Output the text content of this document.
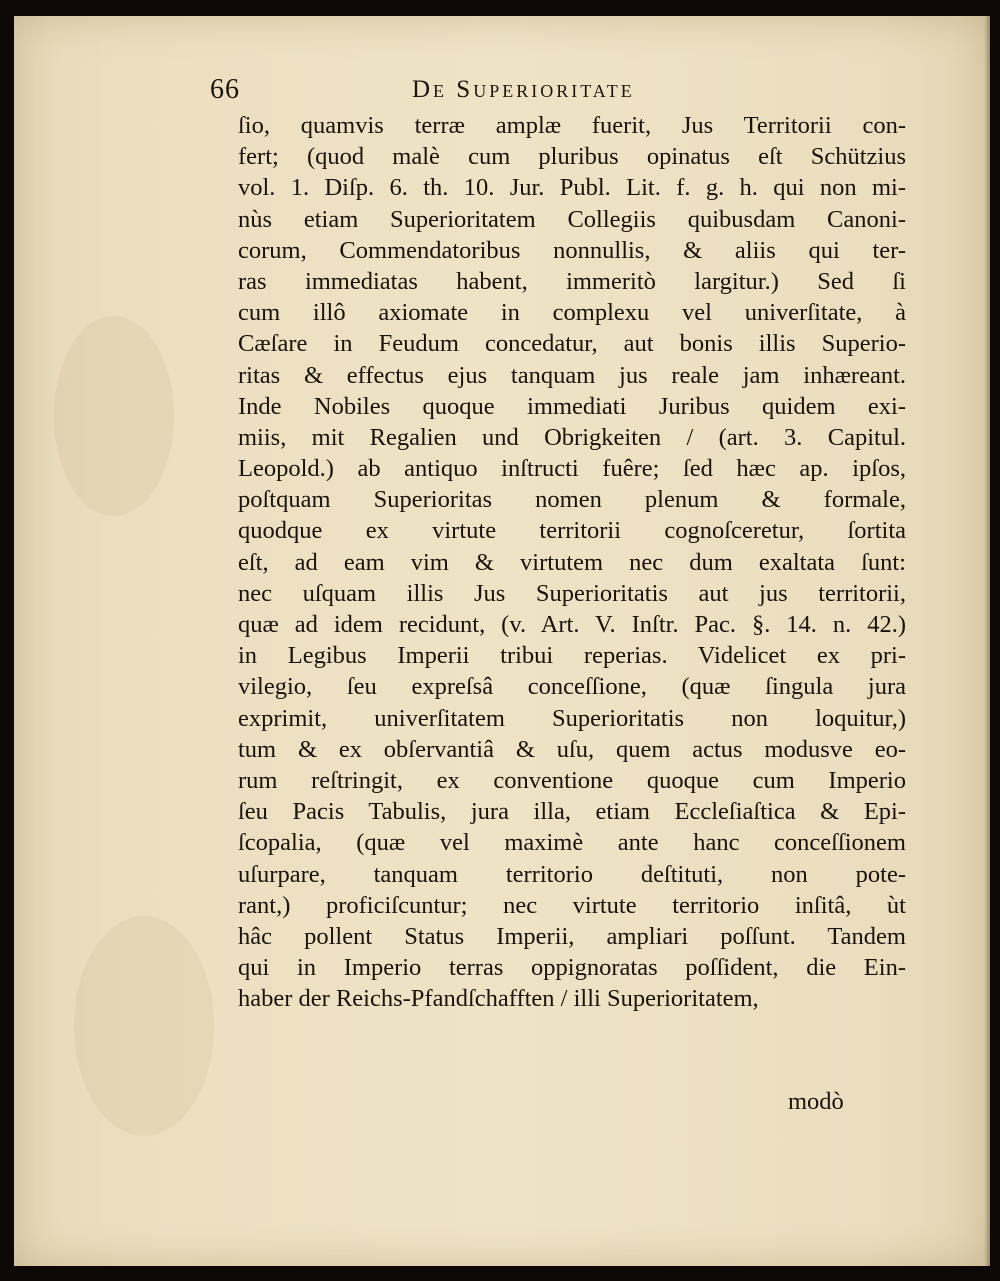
66	De Superioritate
ſio, quamvis terræ amplæ fuerit, Jus Territorii con-
fert; (quod malè cum pluribus opinatus eſt Schützius
vol. 1. Diſp. 6. th. 10. Jur. Publ. Lit. f. g. h. qui non mi-
nùs etiam Superioritatem Collegiis quibusdam Canoni-
corum, Commendatoribus nonnullis, & aliis qui ter-
ras immediatas habent, immeritò largitur.) Sed ſi
cum illô axiomate in complexu vel univerſitate, à
Cæſare in Feudum concedatur, aut bonis illis Superio-
ritas & effectus ejus tanquam jus reale jam inhæreant.
Inde Nobiles quoque immediati Juribus quidem exi-
miis, mit Regalien und Obrigkeiten / (art. 3. Capitul.
Leopold.) ab antiquo inſtructi fuêre; ſed hæc ap. ipſos,
poſtquam Superioritas nomen plenum & formale,
quodque ex virtute territorii cognoſceretur, ſortita
eſt, ad eam vim & virtutem nec dum exaltata ſunt:
nec uſquam illis Jus Superioritatis aut jus territorii,
quæ ad idem recidunt, (v. Art. V. Inſtr. Pac. §. 14. n. 42.)
in Legibus Imperii tribui reperias. Videlicet ex pri-
vilegio, ſeu expreſsâ conceſſione, (quæ ſingula jura
exprimit, univerſitatem Superioritatis non loquitur,)
tum & ex obſervantiâ & uſu, quem actus modusve eo-
rum reſtringit, ex conventione quoque cum Imperio
ſeu Pacis Tabulis, jura illa, etiam Eccleſiaſtica & Epi-
ſcopalia, (quæ vel maximè ante hanc conceſſionem
uſurpare, tanquam territorio deſtituti, non pote-
rant,) proficiſcuntur; nec virtute territorio inſitâ, ùt
hâc pollent Status Imperii, ampliari poſſunt. Tandem
qui in Imperio terras oppignoratas poſſident, die Ein-
haber der Reichs-Pfandſchafften / illi Superioritatem,
modò
